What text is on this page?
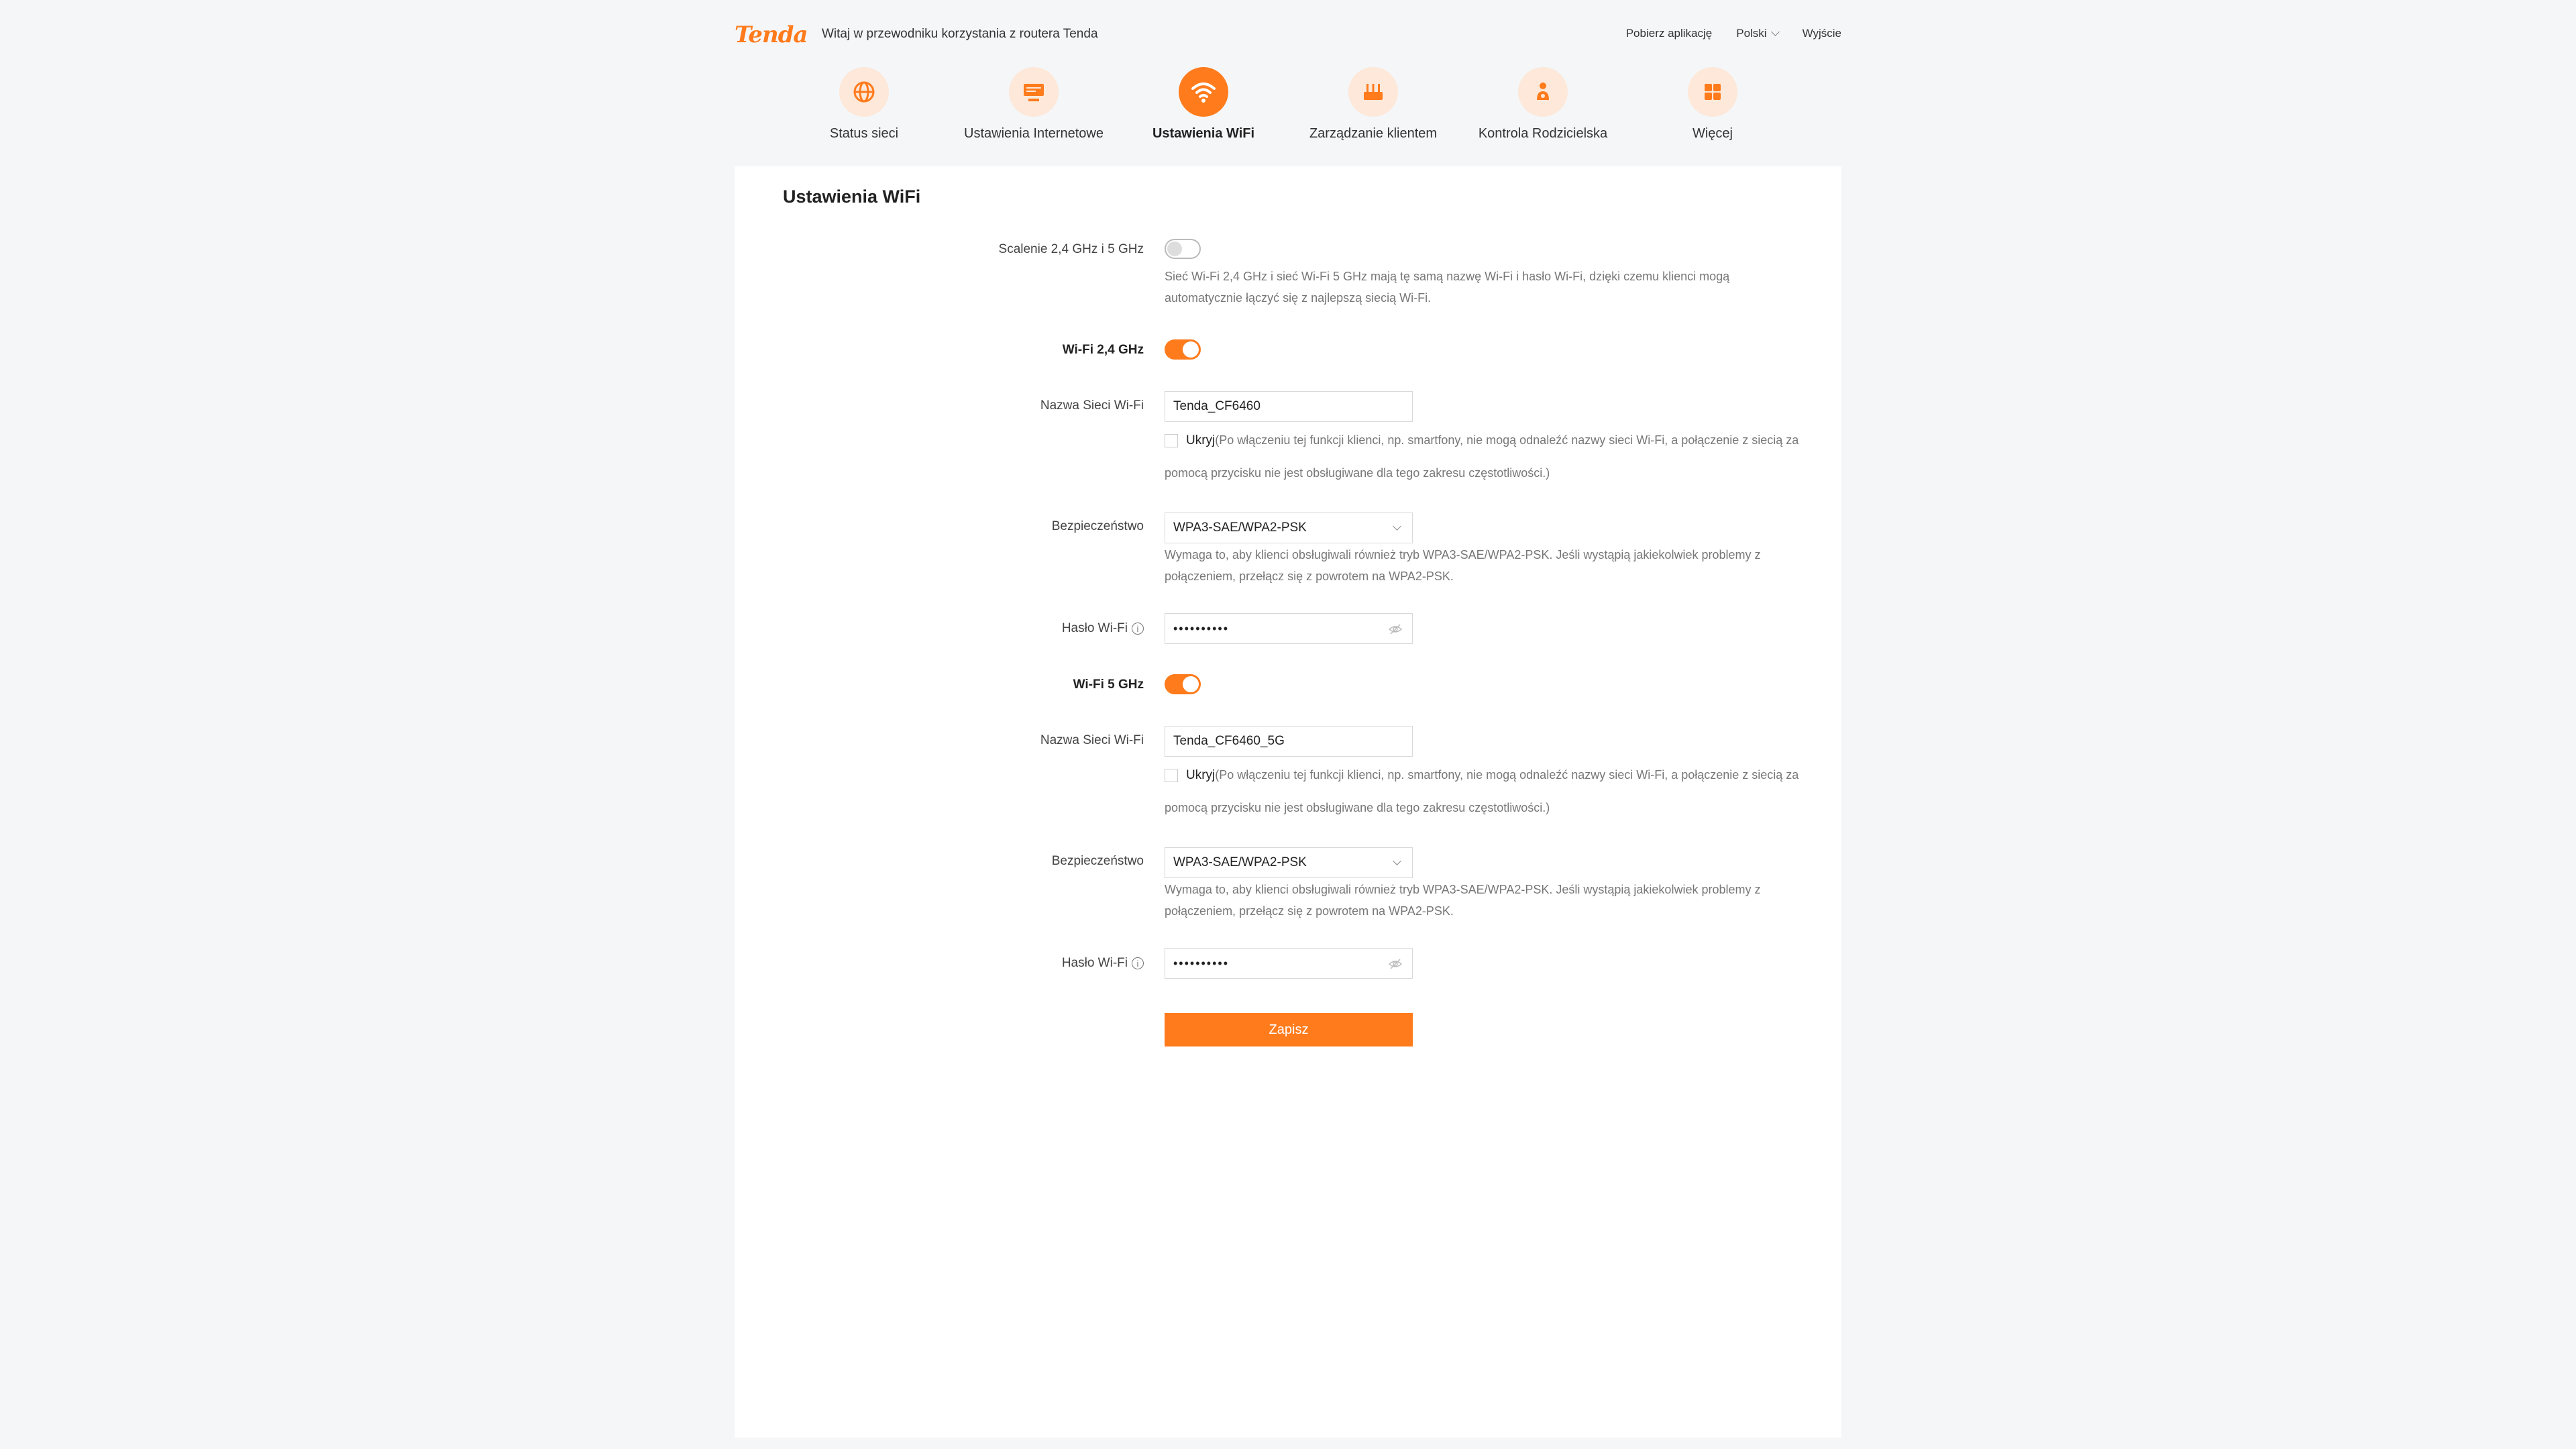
Tenda Witaj w przewodniku korzystania z routera Tenda	Pobierz aplikację Polski	Wyjście
Status sieci	Ustawienia Internetowe	Ustawienia WiFi	Zarządzanie klientem	Kontrola Rodzicielska	Więcej
Ustawienia WiFi
Scalenie 2,4 GHz i 5 GHz
Sieć Wi-Fi 2,4 GHz i sieć Wi-Fi 5 GHz mają tę samą nazwę Wi-Fi i hasło Wi-Fi, dzięki czemu klienci mogą automatycznie łączyć się z najlepszą siecią Wi-Fi.
Wi-Fi 2,4 GHz
Nazwa Sieci Wi-Fi	Tenda_CF6460
Ukryj(Po włączeniu tej funkcji klienci, np. smartfony, nie mogą odnaleźć nazwy sieci Wi-Fi, a połączenie z siecią za pomocą przycisku nie jest obsługiwane dla tego zakresu częstotliwości.)
Bezpieczeństwo	WPA3-SAE/WPA2-PSK
Wymaga to, aby klienci obsługiwali również tryb WPA3-SAE/WPA2-PSK. Jeśli wystąpią jakiekolwiek problemy z połączeniem, przełącz się z powrotem na WPA2-PSK.
Hasło Wi-Fi i	••••••••••
Wi-Fi 5 GHz
Nazwa Sieci Wi-Fi	Tenda_CF6460_5G
Ukryj(Po włączeniu tej funkcji klienci, np. smartfony, nie mogą odnaleźć nazwy sieci Wi-Fi, a połączenie z siecią za pomocą przycisku nie jest obsługiwane dla tego zakresu częstotliwości.)
Bezpieczeństwo	WPA3-SAE/WPA2-PSK
Wymaga to, aby klienci obsługiwali również tryb WPA3-SAE/WPA2-PSK. Jeśli wystąpią jakiekolwiek problemy z połączeniem, przełącz się z powrotem na WPA2-PSK.
Hasło Wi-Fi i	••••••••••
Zapisz
